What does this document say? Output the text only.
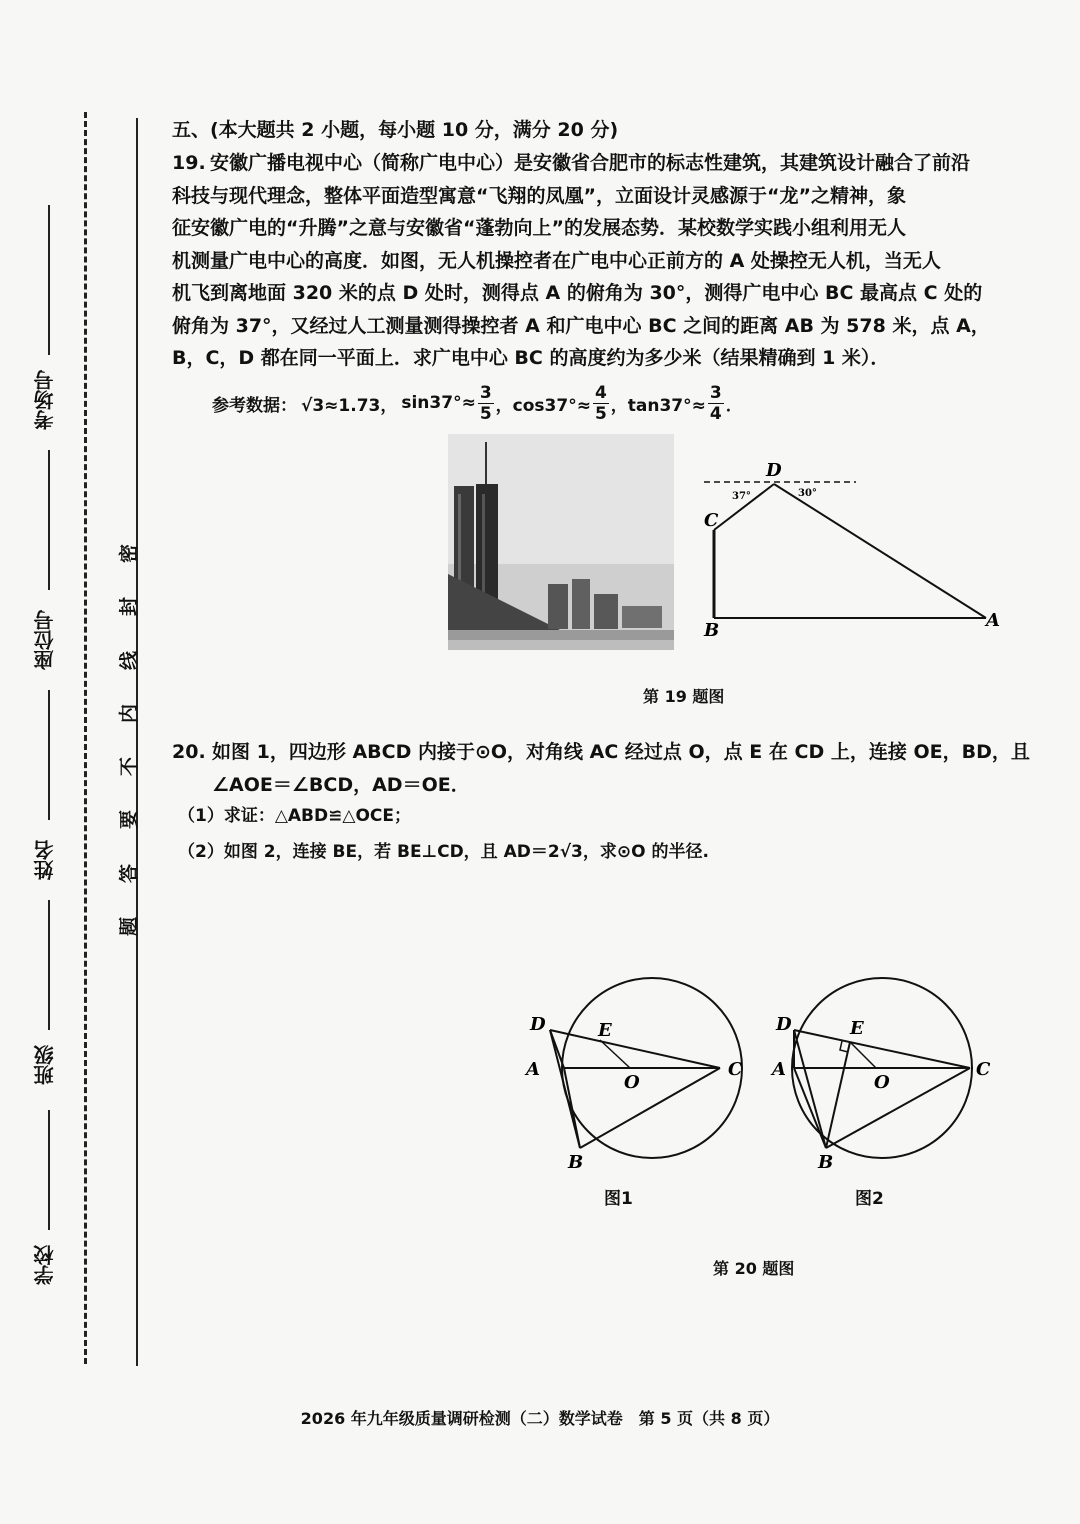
考场号
座位号
姓名
班级
学校
密
封
线
内
不
要
答
题
五、(本大题共 2 小题，每小题 10 分，满分 20 分)
19. 安徽广播电视中心（简称广电中心）是安徽省合肥市的标志性建筑，其建筑设计融合了前沿
科技与现代理念，整体平面造型寓意“飞翔的凤凰”，立面设计灵感源于“龙”之精神，象
征安徽广电的“升腾”之意与安徽省“蓬勃向上”的发展态势．某校数学实践小组利用无人
机测量广电中心的高度．如图，无人机操控者在广电中心正前方的 A 处操控无人机，当无人
机飞到离地面 320 米的点 D 处时，测得点 A 的俯角为 30°，测得广电中心 BC 最高点 C 处的
俯角为 37°，又经过人工测量测得操控者 A 和广电中心 BC 之间的距离 AB 为 578 米，点 A，
B，C，D 都在同一平面上．求广电中心 BC 的高度约为多少米（结果精确到 1 米）．
参考数据： √3≈1.73， $\sin 37^\circ\approx \frac{3}{5}$ ，$\cos 37^\circ\approx \frac{4}{5}$ ，$\tan 37^\circ\approx \frac{3}{4}$ ．
D
C
B	A
37°	30°
第 19 题图
20. 如图 1，四边形 ABCD 内接于⊙O，对角线 AC 经过点 O，点 E 在 CD 上，连接 OE，BD，且
∠AOE＝∠BCD，AD＝OE．
（1）求证：△ABD≌△OCE；
（2）如图 2，连接 BE，若 BE⊥CD，且 AD＝2√3，求⊙O 的半径.
D	E
A
O
C
B
图1
D	E
A
O
C
B
图2
第 20 题图
2026 年九年级质量调研检测（二）数学试卷　第 5 页（共 8 页）
